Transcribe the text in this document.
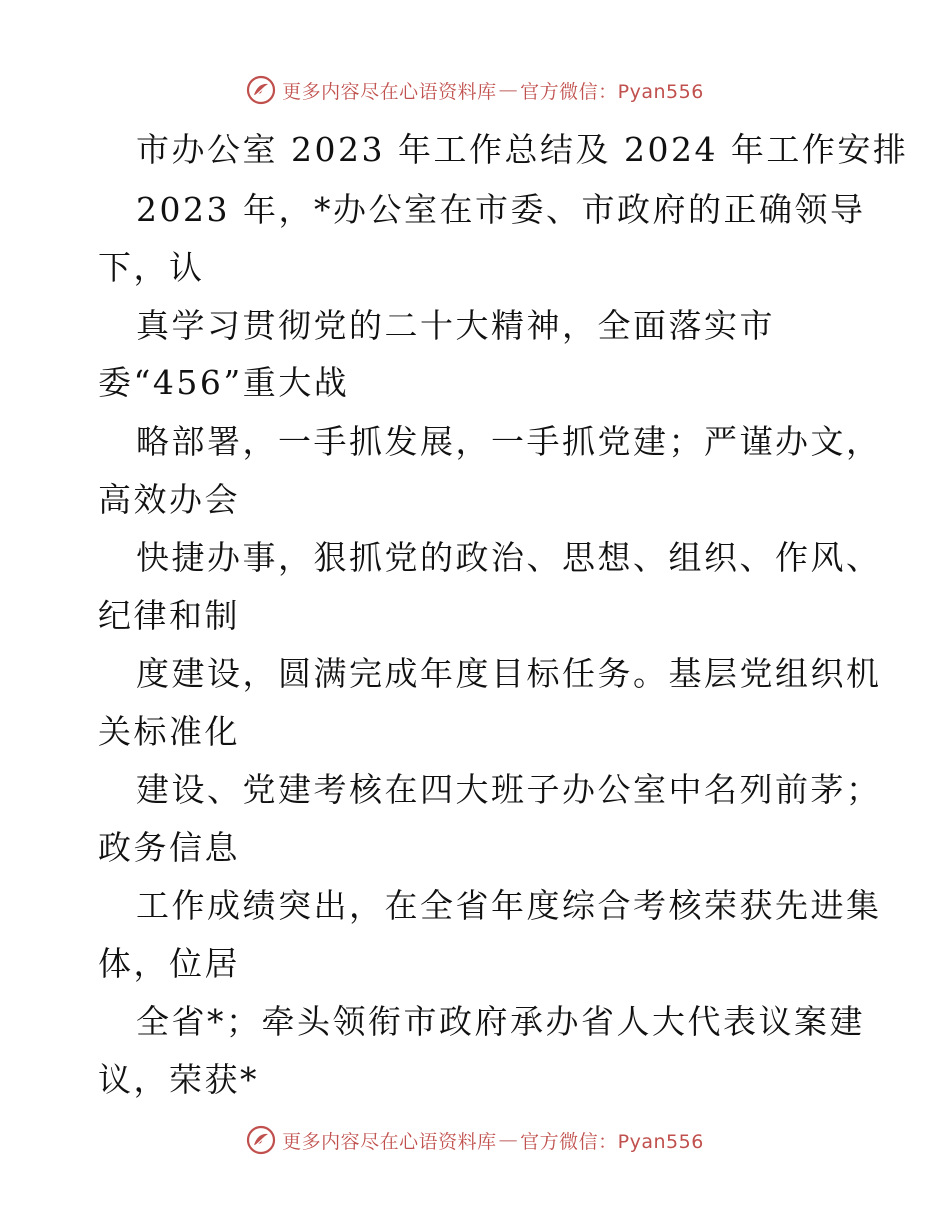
更多内容尽在心语资料库 — 官方微信：Pyan556
市办公室 2023 年工作总结及 2024 年工作安排
2023 年，*办公室在市委、市政府的正确领导
下，认
真学习贯彻党的二十大精神，全面落实市
委“456”重大战
略部署，一手抓发展，一手抓党建；严谨办文，
高效办会
快捷办事，狠抓党的政治、思想、组织、作风、
纪律和制
度建设，圆满完成年度目标任务。基层党组织机
关标准化
建设、党建考核在四大班子办公室中名列前茅；
政务信息
工作成绩突出，在全省年度综合考核荣获先进集
体，位居
全省*；牵头领衔市政府承办省人大代表议案建
议，荣获*
更多内容尽在心语资料库 — 官方微信：Pyan556
